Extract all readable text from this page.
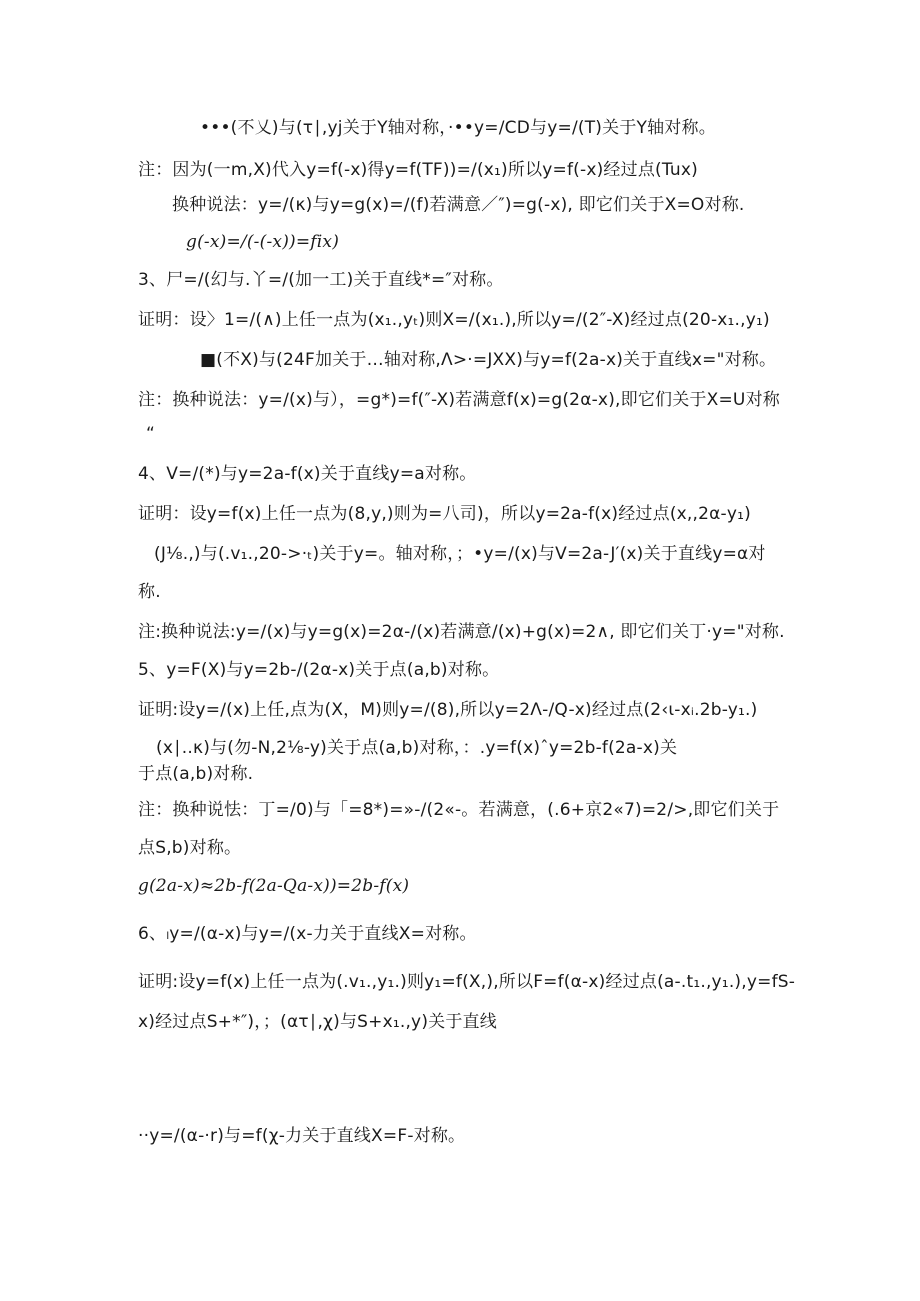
•••(不乂)与(τ∣,yj关于Y轴对称，·••y=/CD与y=/(T)关于Y轴对称。
注：因为(一m,X)代入y=f(-x)得y=f(TF))=/(x₁)所以y=f(-x)经过点(Tux)
换种说法：y=∕(κ)与y=g(x)=∕(f)若满意／″)=g(-x), 即它们关于X=O对称.
g(-x)=/(-(-x))=fix)
3、尸=/(幻与.丫=/(加一工)关于直线*=″对称。
证明：设〉1=/(∧)上任一点为(x₁.,yₜ)则X=/(x₁.),所以y=/(2″-X)经过点(20-x₁.,y₁)
■(不X)与(24F加关于…轴对称,Λ>·=JXX)与y=f(2a-x)关于直线x="对称。
注：换种说法：y=∕(x)与），=g*)=f(″-X)若满意f(x)=g(2α-x),即它们关于X=U对称
“
4、V=/(*)与y=2a-f(x)关于直线y=a对称。
证明：设y=f(x)上任一点为(8,y,)则为=八司)，所以y=2a-f(x)经过点(x,,2α-y₁)
(J⅛.,)与(.v₁.,20->·ₜ)关于y=。轴对称，；•y=/(x)与V=2a-J′(x)关于直线y=α对
称.
注:换种说法:y=∕(x)与y=g(x)=2α-∕(x)若满意/(x)+g(x)=2∧, 即它们关丁·y="对称.
5、y=F(X)与y=2b-∕(2α-x)关于点(a,b)对称。
证明:设y=∕(x)上任,点为(X，M)则y=/(8),所以y=2Λ-/Q-x)经过点(2‹ι-xᵢ.2b-y₁.)
(x∣..κ)与(勿-N,2⅛-y)关于点(a,b)对称，：.y=f(x)ˆy=2b-f(2a-x)关
于点(a,b)对称.
注：换种说怯：丁=/0)与「=8*)=»-/(2«-。若满意，(.6+京2«7)=2/>,即它们关于
点S,b)对称。
g(2a-x)≈2b-f(2a-Qa-x))=2b-f(x)
6、ₗy=/(α-x)与y=/(x-力关于直线X=对称。
证明:设y=f(x)上任一点为(.v₁.,y₁.)则y₁=f(X,),所以F=f(α-x)经过点(a-.t₁.,y₁.),y=fS-
x)经过点S+*″)，；(ατ∣,χ)与S+x₁.,y)关于直线
··y=/(α-·r)与=f(χ-力关于直线X=F-对称。
